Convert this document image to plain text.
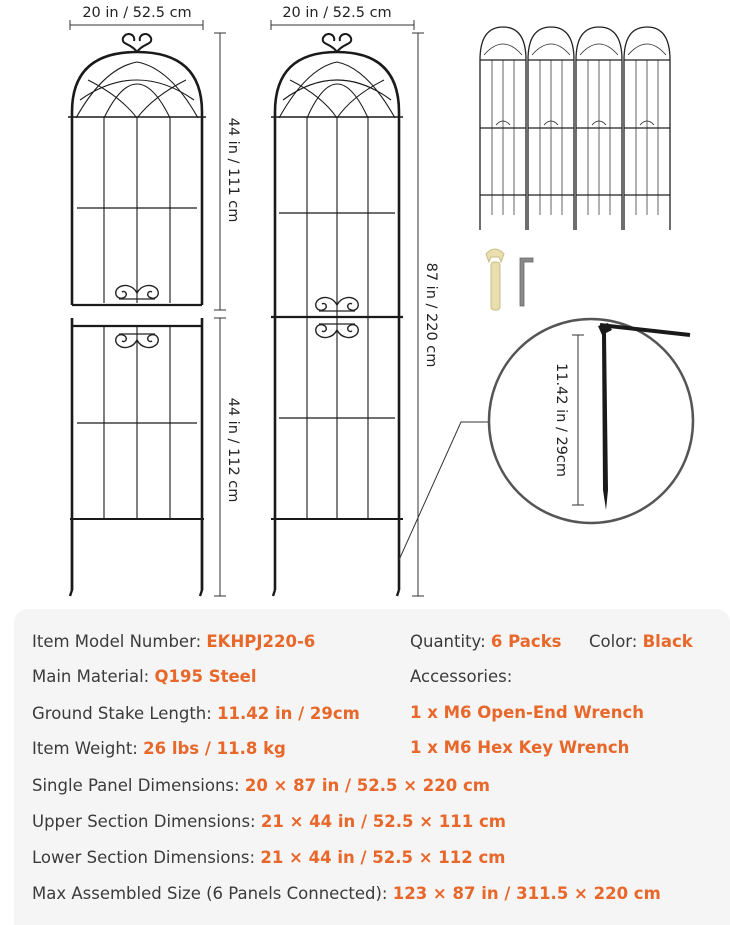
20 in / 52.5 cm	20 in / 52.5 cm
44 in / 111 cm
44 in / 112 cm
87 in / 220 cm
11.42 in / 29cm
Item Model Number: EKHPJ220-6	Quantity: 6 Packs Color: Black
Main Material: Q195 Steel	Accessories:
Ground Stake Length: 11.42 in / 29cm	1 x M6 Open-End Wrench
Item Weight: 26 lbs / 11.8 kg	1 x M6 Hex Key Wrench
Single Panel Dimensions: 20 × 87 in / 52.5 × 220 cm
Upper Section Dimensions: 21 × 44 in / 52.5 × 111 cm
Lower Section Dimensions: 21 × 44 in / 52.5 × 112 cm
Max Assembled Size (6 Panels Connected): 123 × 87 in / 311.5 × 220 cm
